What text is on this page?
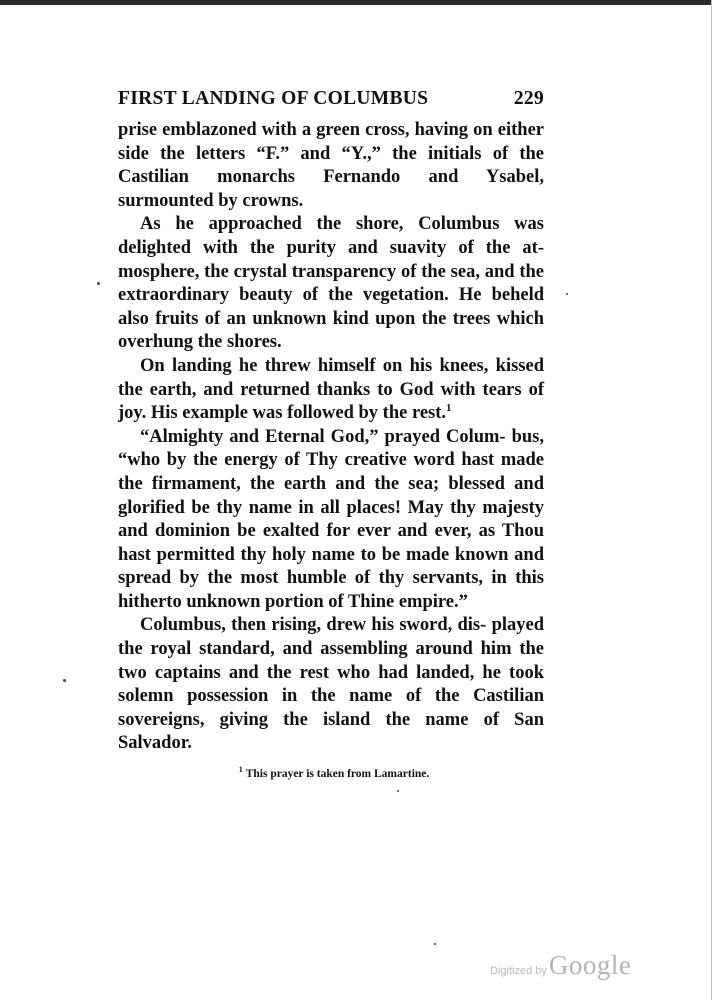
FIRST LANDING OF COLUMBUS	229

prise emblazoned with a green cross, having on either side the letters “F.” and “Y.,” the initials of the Castilian monarchs Fernando and Ysabel, surmounted by crowns.

As he approached the shore, Columbus was delighted with the purity and suavity of the at- mosphere, the crystal transparency of the sea, and the extraordinary beauty of the vegetation. He beheld also fruits of an unknown kind upon the trees which overhung the shores.

On landing he threw himself on his knees, kissed the earth, and returned thanks to God with tears of joy. His example was followed by the rest.$^1$

“Almighty and Eternal God,” prayed Colum- bus, “who by the energy of Thy creative word hast made the firmament, the earth and the sea; blessed and glorified be thy name in all places! May thy majesty and dominion be exalted for ever and ever, as Thou hast permitted thy holy name to be made known and spread by the most humble of thy servants, in this hitherto unknown portion of Thine empire.”

Columbus, then rising, drew his sword, dis- played the royal standard, and assembling around him the two captains and the rest who had landed, he took solemn possession in the name of the Castilian sovereigns, giving the island the name of San Salvador.

$^1$ This prayer is taken from Lamartine.
Digitized by Google
